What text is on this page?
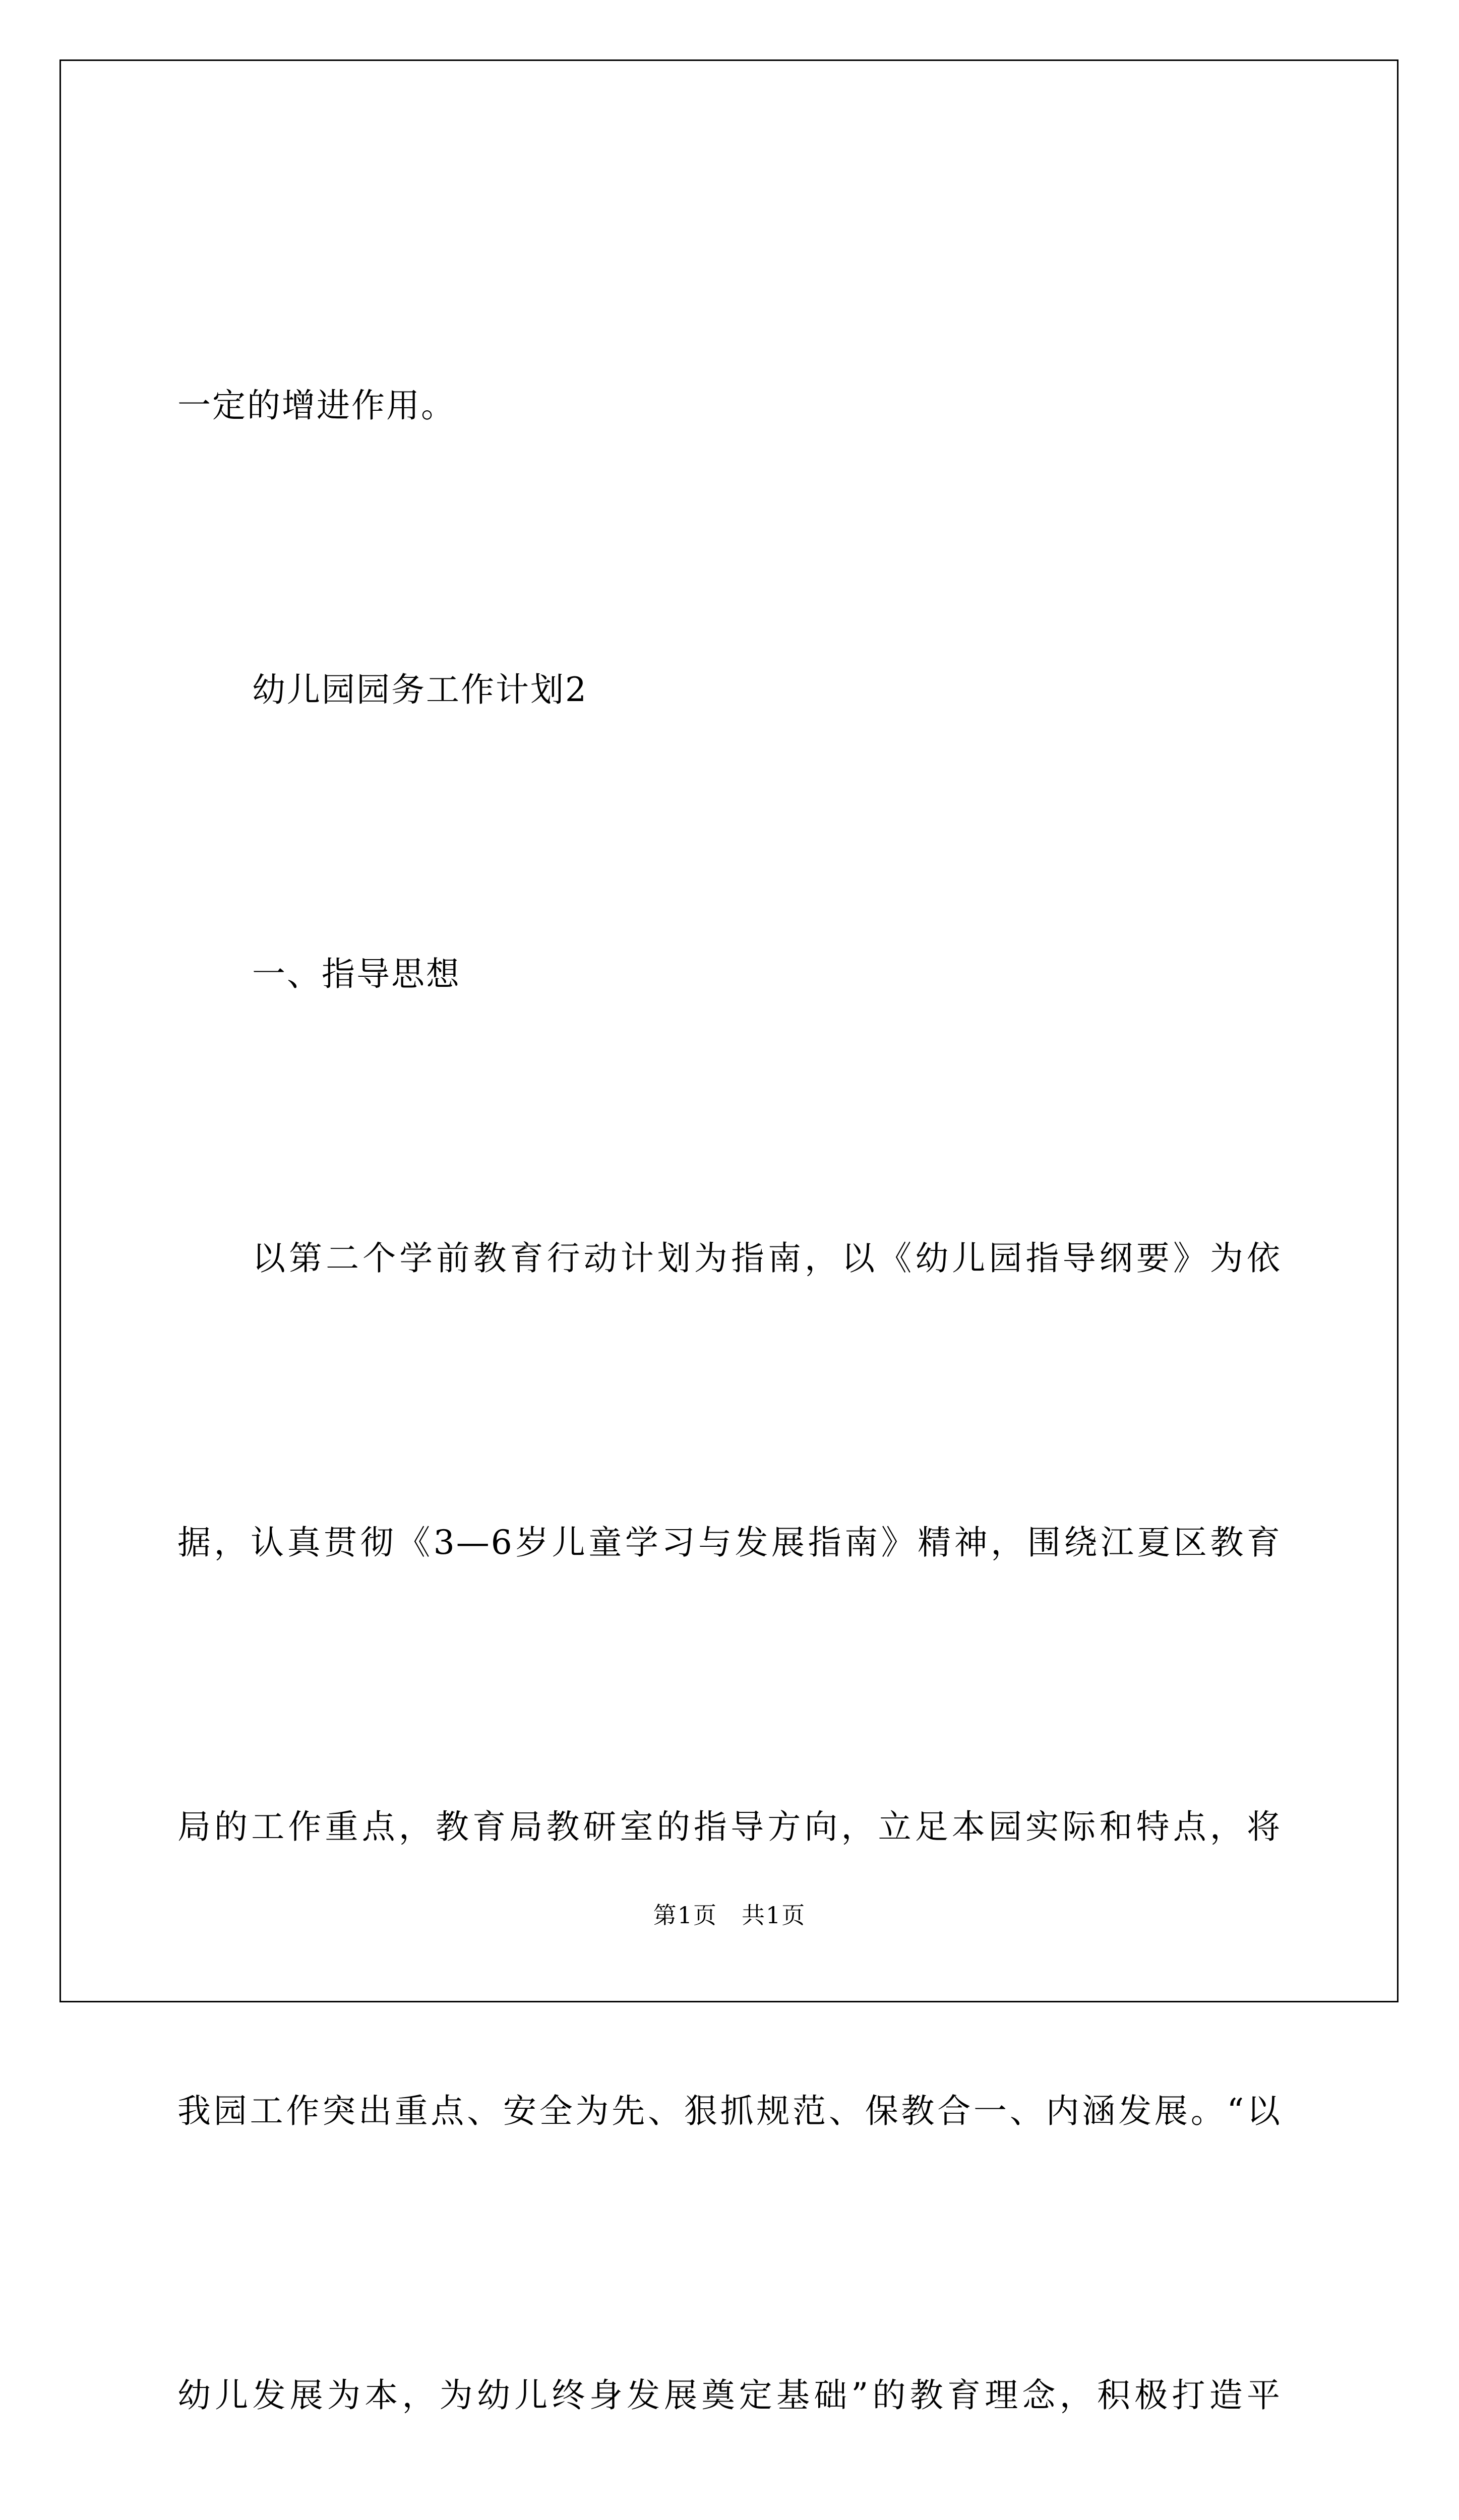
一定的增进作用。

幼儿园园务工作计划2

一、指导思想

以第二个学前教育行动计划为指南，以《幼儿园指导纲要》为依

据，认真贯彻《3—6岁儿童学习与发展指南》精神，围绕江夏区教育

局的工作重点，教育局教研室的指导方向，立足本园实际和特点，将

我园工作突出重点、安全为先、狠抓规范、保教合一、内涵发展。“以

幼儿发展为本，为幼儿终身发展奠定基础”的教育理念，积极打造平

第1页 共1页
